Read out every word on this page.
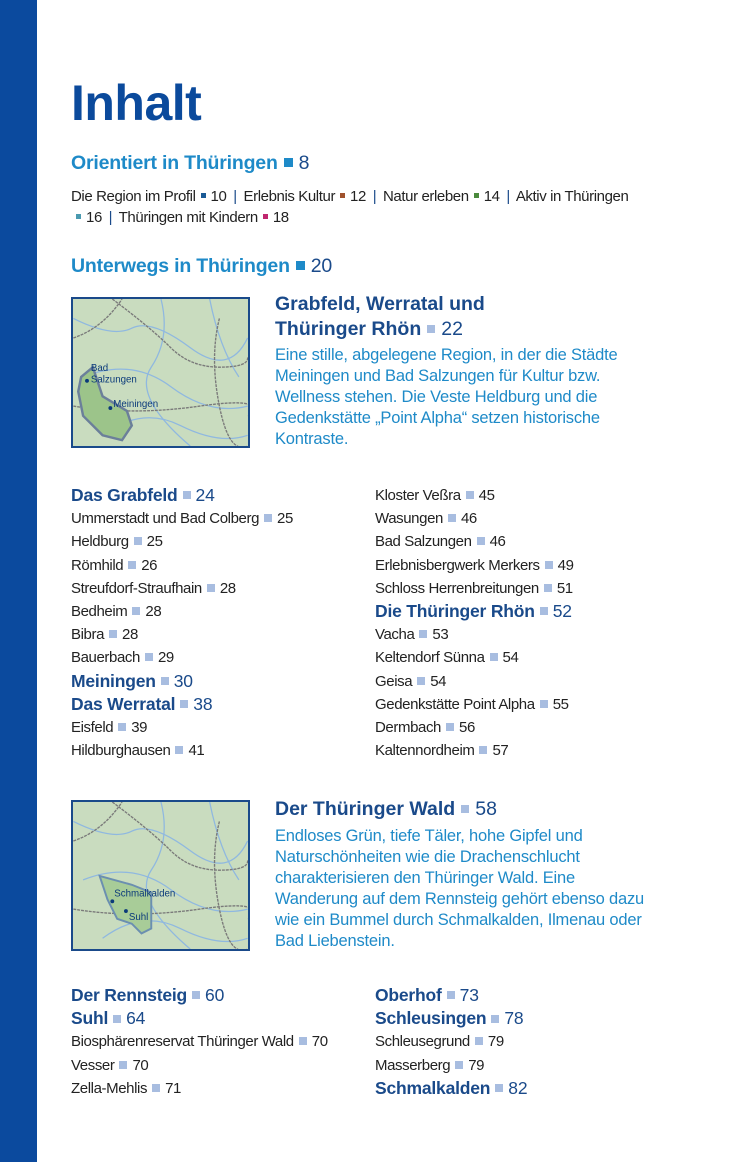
Inhalt
Orientiert in Thüringen 8
Die Region im Profil 10 | Erlebnis Kultur 12 | Natur erleben 14 | Aktiv in Thüringen16 | Thüringen mit Kindern 18
Unterwegs in Thüringen 20
Bad
Salzungen
Meiningen
Grabfeld, Werratal und
Thüringer Rhön 22
Eine stille, abgelegene Region, in der die Städte Meiningen und Bad Salzungen für Kultur bzw. Wellness stehen. Die Veste Heldburg und die Gedenkstätte „Point Alpha“ setzen historische Kontraste.
Das Grabfeld 24
Ummerstadt und Bad Colberg 25
Heldburg 25
Römhild 26
Streufdorf-Straufhain 28
Bedheim 28
Bibra 28
Bauerbach 29
Meiningen 30
Das Werratal 38
Eisfeld 39
Hildburghausen 41
Kloster Veßra 45
Wasungen 46
Bad Salzungen 46
Erlebnisbergwerk Merkers 49
Schloss Herrenbreitungen 51
Die Thüringer Rhön 52
Vacha 53
Keltendorf Sünna 54
Geisa 54
Gedenkstätte Point Alpha 55
Dermbach 56
Kaltennordheim 57
Schmalkalden
Suhl
Der Thüringer Wald 58
Endloses Grün, tiefe Täler, hohe Gipfel und Naturschönheiten wie die Drachenschlucht charakterisieren den Thüringer Wald. Eine Wanderung auf dem Rennsteig gehört ebenso dazu wie ein Bummel durch Schmalkalden, Ilmenau oder Bad Liebenstein.
Der Rennsteig 60
Suhl 64
Biosphärenreservat Thüringer Wald 70
Vesser 70
Zella-Mehlis 71
Oberhof 73
Schleusingen 78
Schleusegrund 79
Masserberg 79
Schmalkalden 82
